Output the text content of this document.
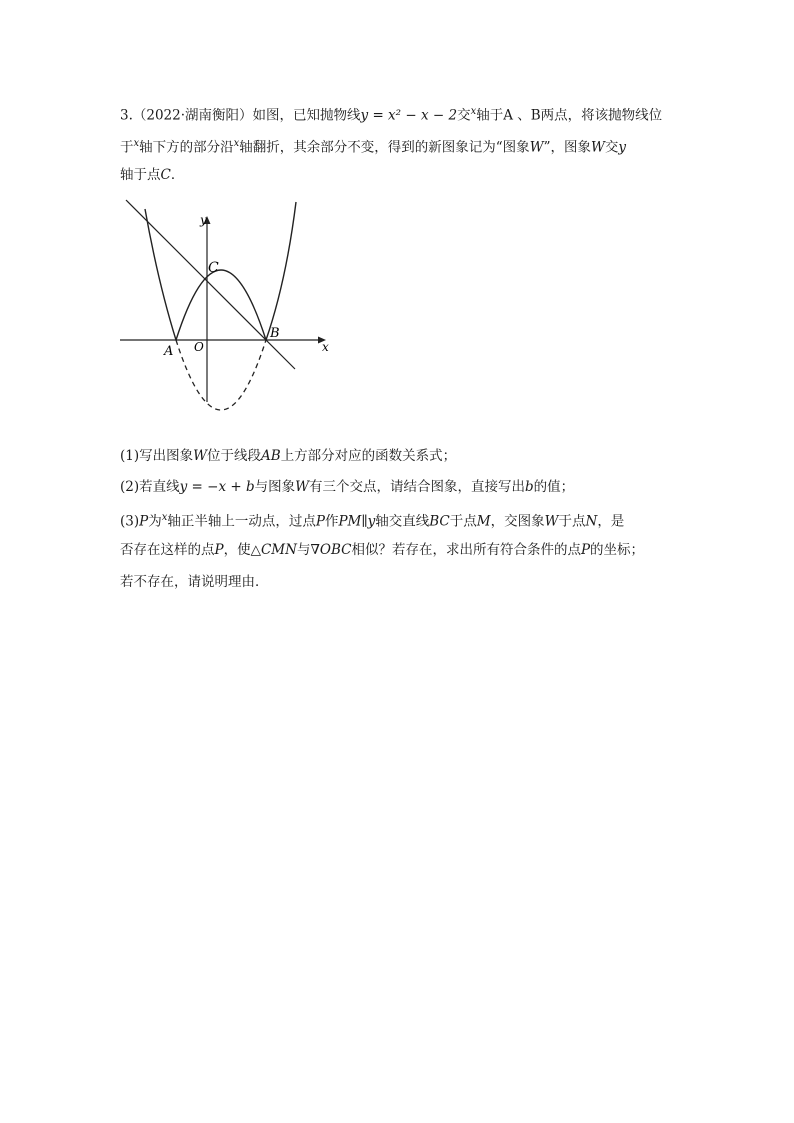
3.（2022·湖南衡阳）如图，已知抛物线y = x² − x − 2交$^x$轴于A 、B两点，将该抛物线位
于$^x$轴下方的部分沿$^x$轴翻折，其余部分不变，得到的新图象记为“图象W”，图象W交y
轴于点C．
y
x
C
A O
B
(1)写出图象W位于线段AB上方部分对应的函数关系式；
(2)若直线y = −x + b与图象W有三个交点，请结合图象，直接写出b的值；
(3)P为$^x$轴正半轴上一动点，过点P作PM∥y轴交直线BC于点M，交图象W于点N，是
否存在这样的点P，使△CMN与∇OBC相似？若存在，求出所有符合条件的点P的坐标；
若不存在，请说明理由．
